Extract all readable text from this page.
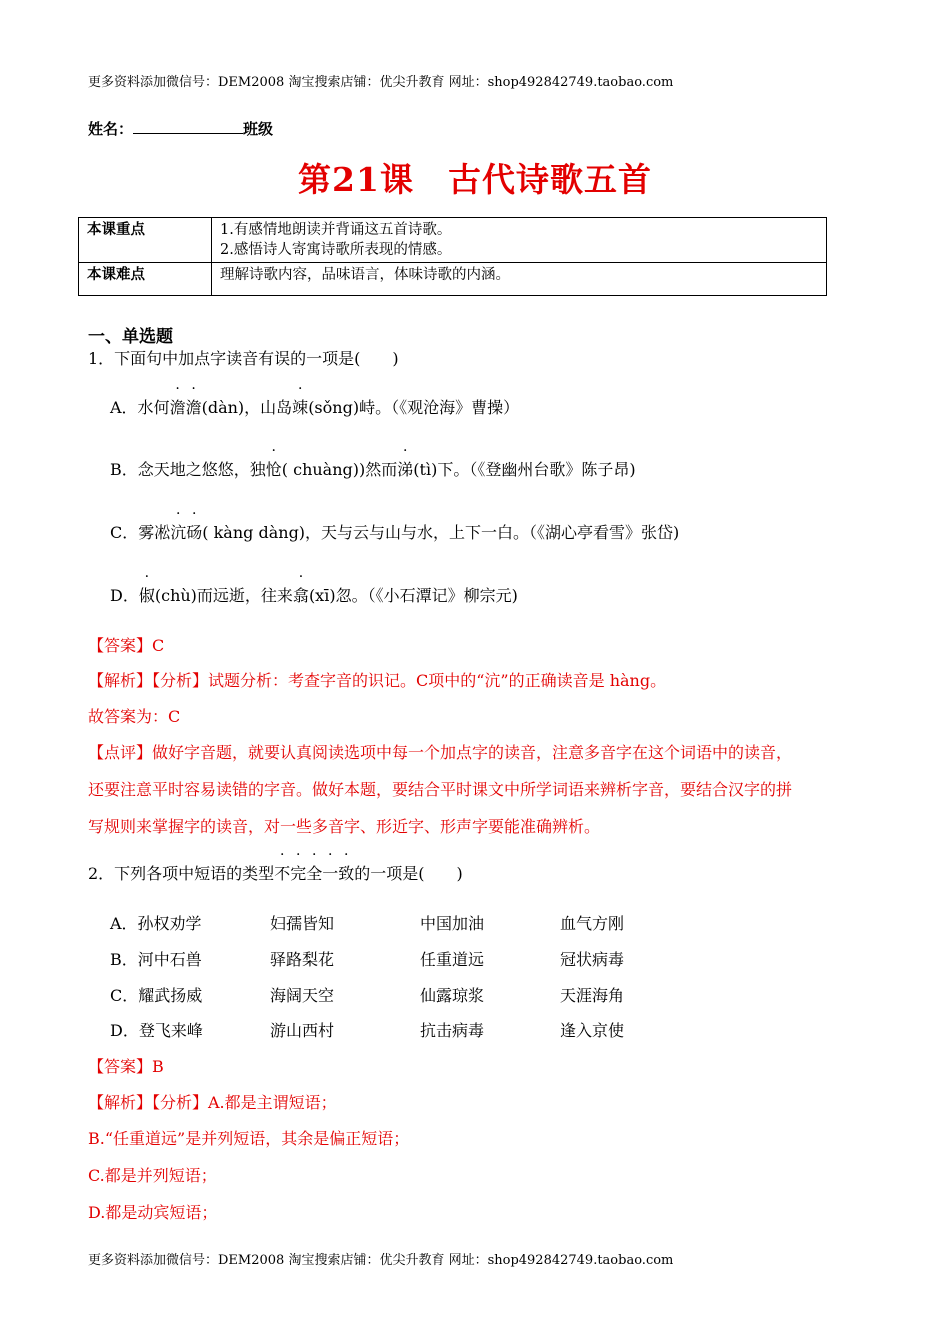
更多资料添加微信号：DEM2008 淘宝搜索店铺：优尖升教育 网址：shop492842749.taobao.com
姓名：	班级
第21课　古代诗歌五首
本课重点	1.有感情地朗读并背诵这五首诗歌。
2.感悟诗人寄寓诗歌所表现的情感。

本课难点	理解诗歌内容，品味语言，体味诗歌的内涵。
一、单选题
1．下面句中加点字读音有误的一项是(　　)
A．水何澹澹(dàn)，山岛竦(sǒng)峙。（《观沧海》曹操）
B．念天地之悠悠，独怆( chuàng))然而涕(tì)下。（《登幽州台歌》陈子昂)
C．雾凇沆砀( kàng dàng)，天与云与山与水，上下一白。（《湖心亭看雪》张岱)
D．俶(chù)而远逝，往来翕(xī)忽。（《小石潭记》柳宗元)
【答案】C
【解析】【分析】试题分析：考查字音的识记。C项中的“沆”的正确读音是 hàng。
故答案为：C
【点评】做好字音题，就要认真阅读选项中每一个加点字的读音，注意多音字在这个词语中的读音，
还要注意平时容易读错的字音。做好本题，要结合平时课文中所学词语来辨析字音，要结合汉字的拼
写规则来掌握字的读音，对一些多音字、形近字、形声字要能准确辨析。
2．下列各项中短语的类型不完全一致的一项是(　　)
A．孙权劝学	妇孺皆知	中国加油	血气方刚
B．河中石兽	驿路梨花	任重道远	冠状病毒
C．耀武扬威	海阔天空	仙露琼浆	天涯海角
D．登飞来峰	游山西村	抗击病毒	逢入京使
【答案】B
【解析】【分析】A.都是主谓短语；
B.“任重道远”是并列短语，其余是偏正短语；
C.都是并列短语；
D.都是动宾短语；
更多资料添加微信号：DEM2008 淘宝搜索店铺：优尖升教育 网址：shop492842749.taobao.com
